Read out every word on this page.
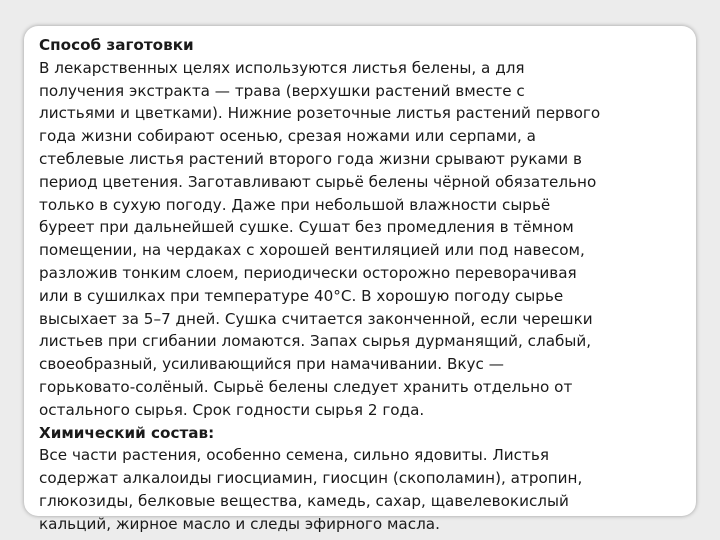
Способ заготовки
В лекарственных целях используются листья белены, а для
получения экстракта — трава (верхушки растений вместе с
листьями и цветками). Нижние розеточные листья растений первого
года жизни собирают осенью, срезая ножами или серпами, а
стеблевые листья растений второго года жизни срывают руками в
период цветения. Заготавливают сырьё белены чёрной обязательно
только в сухую погоду. Даже при небольшой влажности сырьё
буреет при дальнейшей сушке. Сушат без промедления в тёмном
помещении, на чердаках с хорошей вентиляцией или под навесом,
разложив тонким слоем, периодически осторожно переворачивая
или в сушилках при температуре 40°С. В хорошую погоду сырье
высыхает за 5–7 дней. Сушка считается законченной, если черешки
листьев при сгибании ломаются. Запах сырья дурманящий, слабый,
своеобразный, усиливающийся при намачивании. Вкус —
горьковато-солёный. Сырьё белены следует хранить отдельно от
остального сырья. Срок годности сырья 2 года.
Химический состав:
Все части растения, особенно семена, сильно ядовиты. Листья
содержат алкалоиды гиосциамин, гиосцин (скополамин), атропин,
глюкозиды, белковые вещества, камедь, сахар, щавелевокислый
кальций, жирное масло и следы эфирного масла.
